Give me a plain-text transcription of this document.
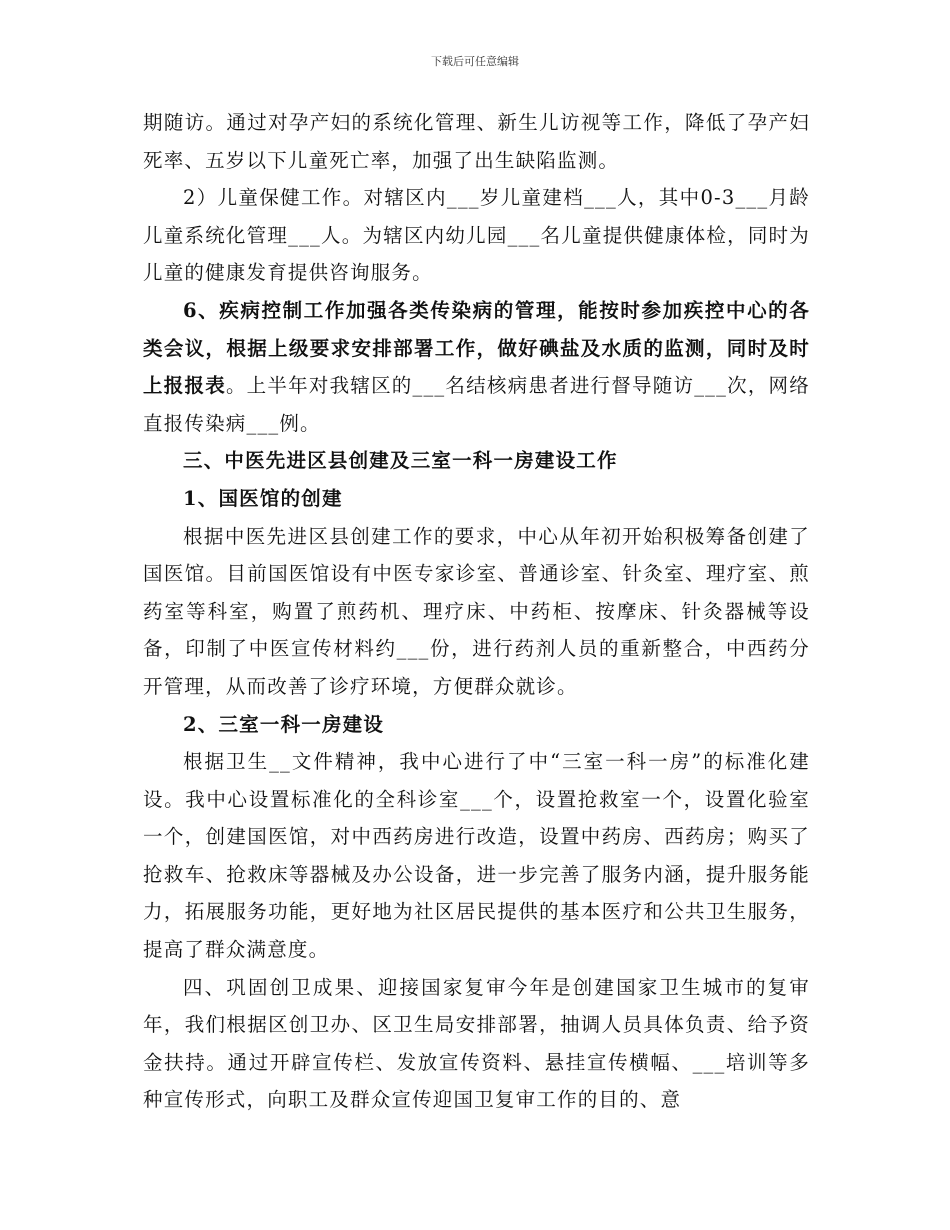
下载后可任意编辑

期随访。通过对孕产妇的系统化管理、新生儿访视等工作，降低了孕产妇死率、五岁以下儿童死亡率，加强了出生缺陷监测。

2）儿童保健工作。对辖区内___岁儿童建档___人，其中0-3___月龄儿童系统化管理___人。为辖区内幼儿园___名儿童提供健康体检，同时为儿童的健康发育提供咨询服务。

6、疾病控制工作加强各类传染病的管理，能按时参加疾控中心的各类会议，根据上级要求安排部署工作，做好碘盐及水质的监测，同时及时上报报表。上半年对我辖区的___名结核病患者进行督导随访___次，网络直报传染病___例。

三、中医先进区县创建及三室一科一房建设工作

1、国医馆的创建

根据中医先进区县创建工作的要求，中心从年初开始积极筹备创建了国医馆。目前国医馆设有中医专家诊室、普通诊室、针灸室、理疗室、煎药室等科室，购置了煎药机、理疗床、中药柜、按摩床、针灸器械等设备，印制了中医宣传材料约___份，进行药剂人员的重新整合，中西药分开管理，从而改善了诊疗环境，方便群众就诊。

2、三室一科一房建设

根据卫生__文件精神，我中心进行了中“三室一科一房”的标准化建设。我中心设置标准化的全科诊室___个，设置抢救室一个，设置化验室一个，创建国医馆，对中西药房进行改造，设置中药房、西药房；购买了抢救车、抢救床等器械及办公设备，进一步完善了服务内涵，提升服务能力，拓展服务功能，更好地为社区居民提供的基本医疗和公共卫生服务，提高了群众满意度。

四、巩固创卫成果、迎接国家复审今年是创建国家卫生城市的复审年，我们根据区创卫办、区卫生局安排部署，抽调人员具体负责、给予资金扶持。通过开辟宣传栏、发放宣传资料、悬挂宣传横幅、___培训等多种宣传形式，向职工及群众宣传迎国卫复审工作的目的、意
